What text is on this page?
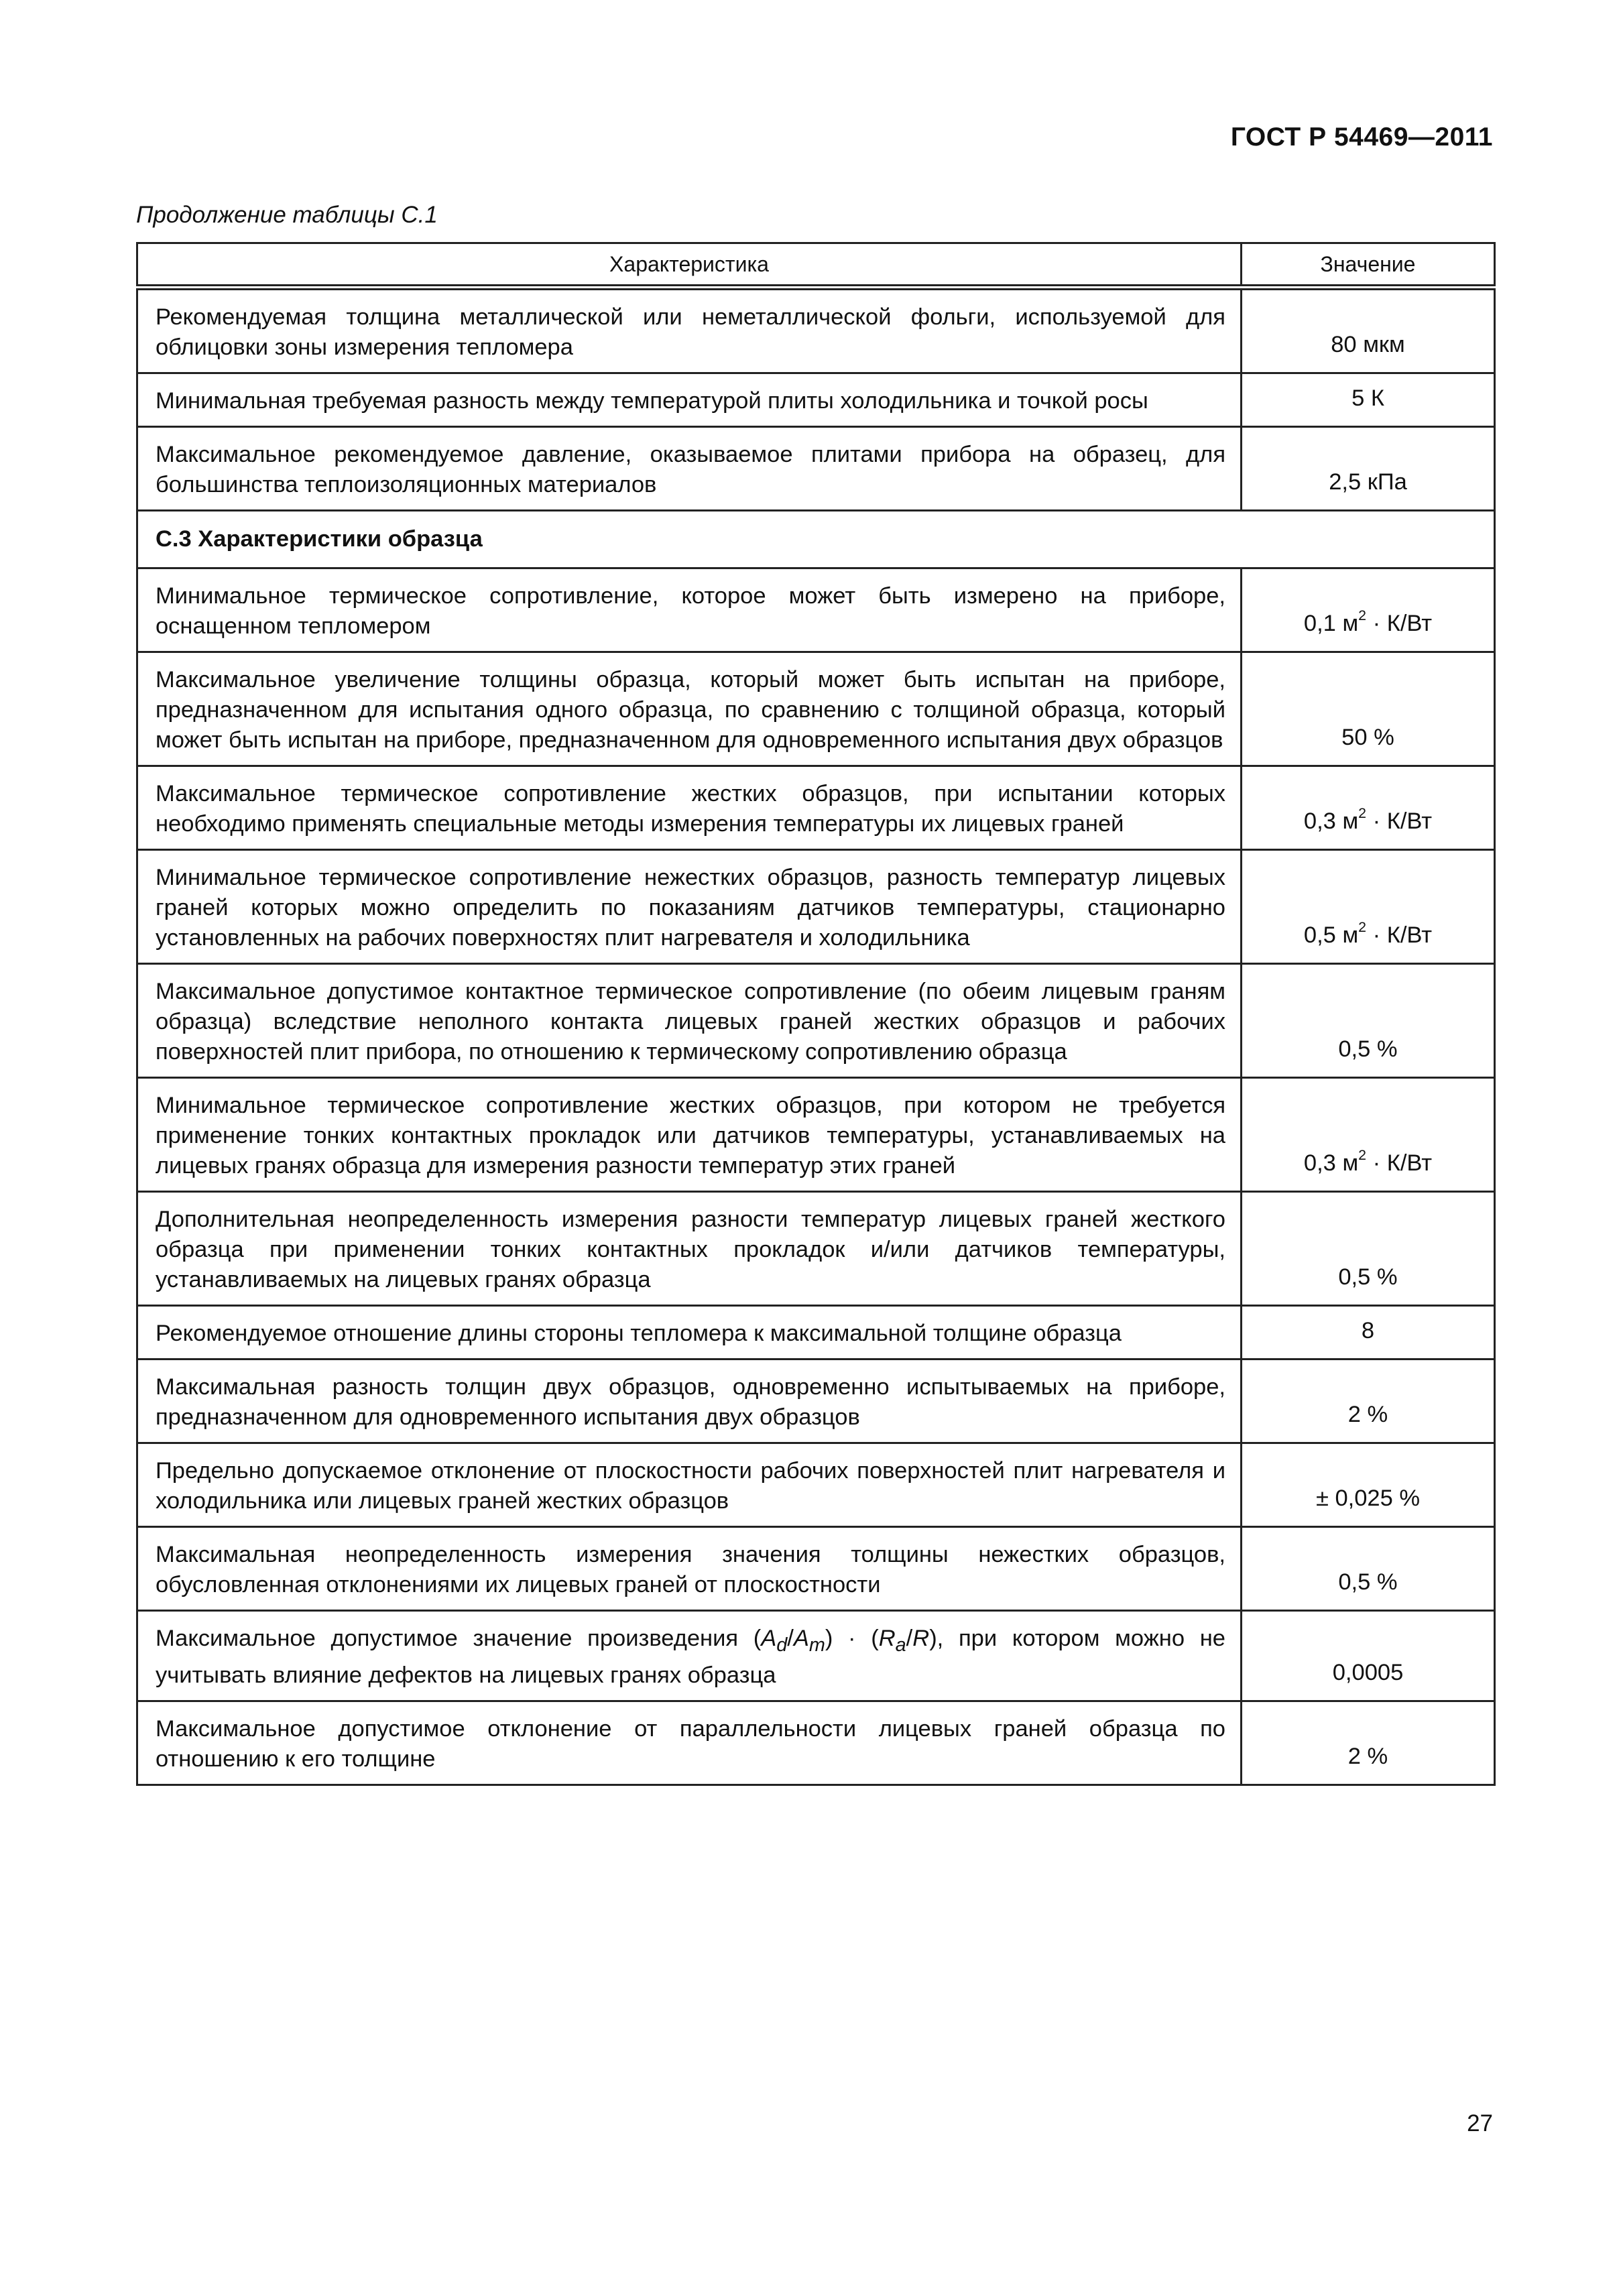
ГОСТ Р 54469—2011
Продолжение таблицы С.1
Характеристика	Значение
Рекомендуемая толщина металлической или неметаллической фольги, используемой для облицовки зоны измерения тепломера	80 мкм
Минимальная требуемая разность между температурой плиты холодильника и точкой росы	5 К
Максимальное рекомендуемое давление, оказываемое плитами прибора на образец, для большинства теплоизоляционных материалов	2,5 кПа
С.3 Характеристики образца	
Минимальное термическое сопротивление, которое может быть измерено на приборе, оснащенном тепломером	0,1 $м^2 \cdot К/Вт$
Максимальное увеличение толщины образца, который может быть испытан на приборе, предназначенном для испытания одного образца, по сравнению с толщиной образца, который может быть испытан на приборе, предназначенном для одновременного испытания двух образцов	50 %
Максимальное термическое сопротивление жестких образцов, при испытании которых необходимо применять специальные методы измерения температуры их лицевых граней	0,3 $м^2 \cdot К/Вт$
Минимальное термическое сопротивление нежестких образцов, разность температур лицевых граней которых можно определить по показаниям датчиков температуры, стационарно установленных на рабочих поверхностях плит нагревателя и холодильника	0,5 $м^2 \cdot К/Вт$
Максимальное допустимое контактное термическое сопротивление (по обеим лицевым граням образца) вследствие неполного контакта лицевых граней жестких образцов и рабочих поверхностей плит прибора, по отношению к термическому сопротивлению образца	0,5 %
Минимальное термическое сопротивление жестких образцов, при котором не требуется применение тонких контактных прокладок или датчиков температуры, устанавливаемых на лицевых гранях образца для измерения разности температур этих граней	0,3 $м^2 \cdot К/Вт$
Дополнительная неопределенность измерения разности температур лицевых граней жесткого образца при применении тонких контактных прокладок и/или датчиков температуры, устанавливаемых на лицевых гранях образца	0,5 %
Рекомендуемое отношение длины стороны тепломера к максимальной толщине образца	8
Максимальная разность толщин двух образцов, одновременно испытываемых на приборе, предназначенном для одновременного испытания двух образцов	2 %
Предельно допускаемое отклонение от плоскостности рабочих поверхностей плит нагревателя и холодильника или лицевых граней жестких образцов	± 0,025 %
Максимальная неопределенность измерения значения толщины нежестких образцов, обусловленная отклонениями их лицевых граней от плоскостности	0,5 %
Максимальное допустимое значение произведения $(A_d/A_m) \cdot (R_a/R)$, при котором можно не учитывать влияние дефектов на лицевых гранях образца	0,0005
Максимальное допустимое отклонение от параллельности лицевых граней образца по отношению к его толщине	2 %
27
